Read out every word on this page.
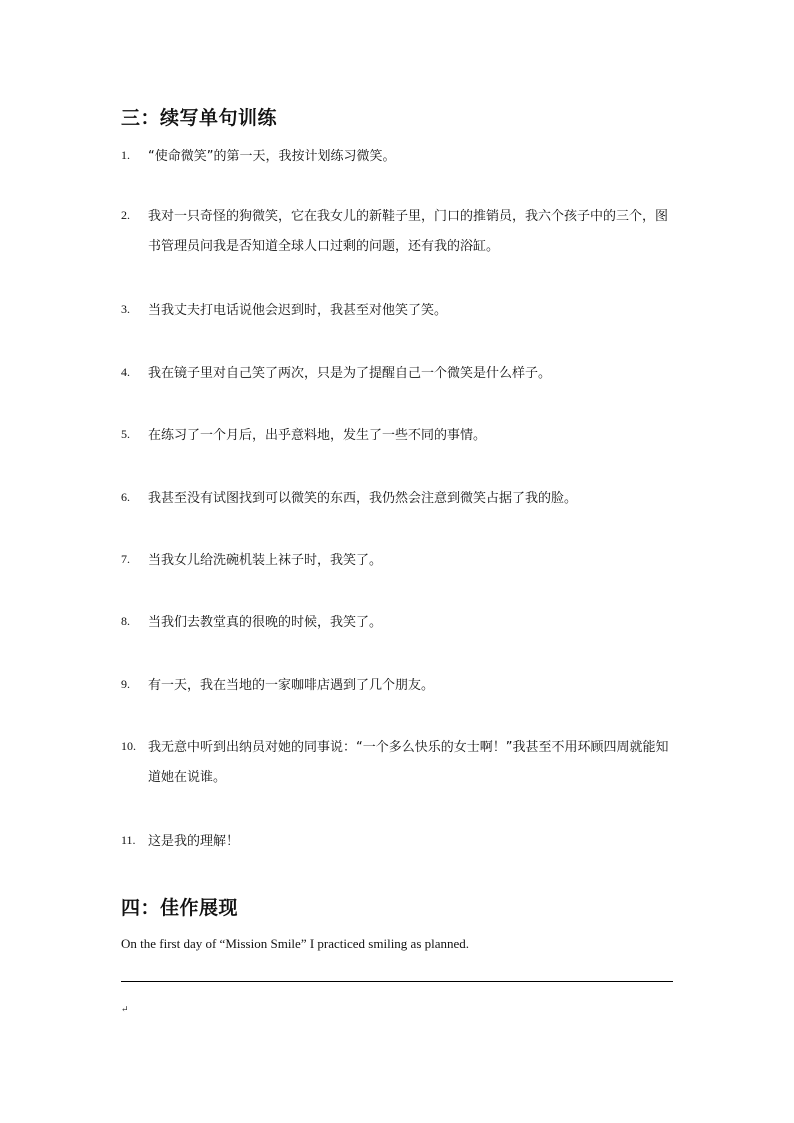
三：续写单句训练
1. “使命微笑”的第一天，我按计划练习微笑。
2. 我对一只奇怪的狗微笑，它在我女儿的新鞋子里，门口的推销员，我六个孩子中的三个，图书管理员问我是否知道全球人口过剩的问题，还有我的浴缸。
3. 当我丈夫打电话说他会迟到时，我甚至对他笑了笑。
4. 我在镜子里对自己笑了两次，只是为了提醒自己一个微笑是什么样子。
5. 在练习了一个月后，出乎意料地，发生了一些不同的事情。
6. 我甚至没有试图找到可以微笑的东西，我仍然会注意到微笑占据了我的脸。
7. 当我女儿给洗碗机装上袜子时，我笑了。
8. 当我们去教堂真的很晚的时候，我笑了。
9. 有一天，我在当地的一家咖啡店遇到了几个朋友。
10. 我无意中听到出纳员对她的同事说：“一个多么快乐的女士啊！”我甚至不用环顾四周就能知道她在说谁。
11. 这是我的理解！
四：佳作展现
On the first day of “Mission Smile” I practiced smiling as planned.
↵
